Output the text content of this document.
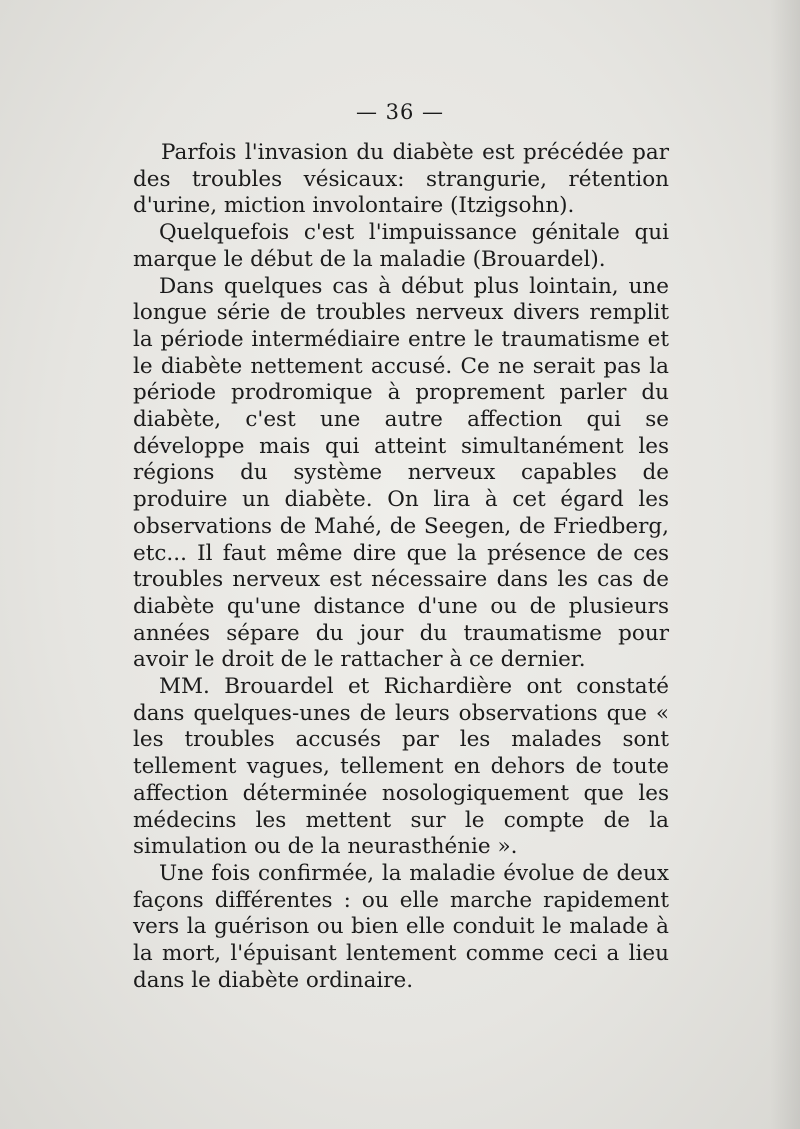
— 36 —

Parfois l'invasion du diabète est précédée par des troubles vésicaux: strangurie, rétention d'urine, miction involontaire (Itzigsohn).

Quelquefois c'est l'impuissance génitale qui marque le début de la maladie (Brouardel).

Dans quelques cas à début plus lointain, une longue série de troubles nerveux divers remplit la période intermédiaire entre le traumatisme et le diabète nettement accusé. Ce ne serait pas la période prodromique à proprement parler du diabète, c'est une autre affection qui se développe mais qui atteint simultanément les régions du système nerveux capables de produire un diabète. On lira à cet égard les observations de Mahé, de Seegen, de Friedberg, etc... Il faut même dire que la présence de ces troubles nerveux est nécessaire dans les cas de diabète qu'une distance d'une ou de plusieurs années sépare du jour du traumatisme pour avoir le droit de le rattacher à ce dernier.

MM. Brouardel et Richardière ont constaté dans quelques-unes de leurs observations que « les troubles accusés par les malades sont tellement vagues, tellement en dehors de toute affection déterminée nosologiquement que les médecins les mettent sur le compte de la simulation ou de la neurasthénie ».

Une fois confirmée, la maladie évolue de deux façons différentes : ou elle marche rapidement vers la guérison ou bien elle conduit le malade à la mort, l'épuisant lentement comme ceci a lieu dans le diabète ordinaire.
